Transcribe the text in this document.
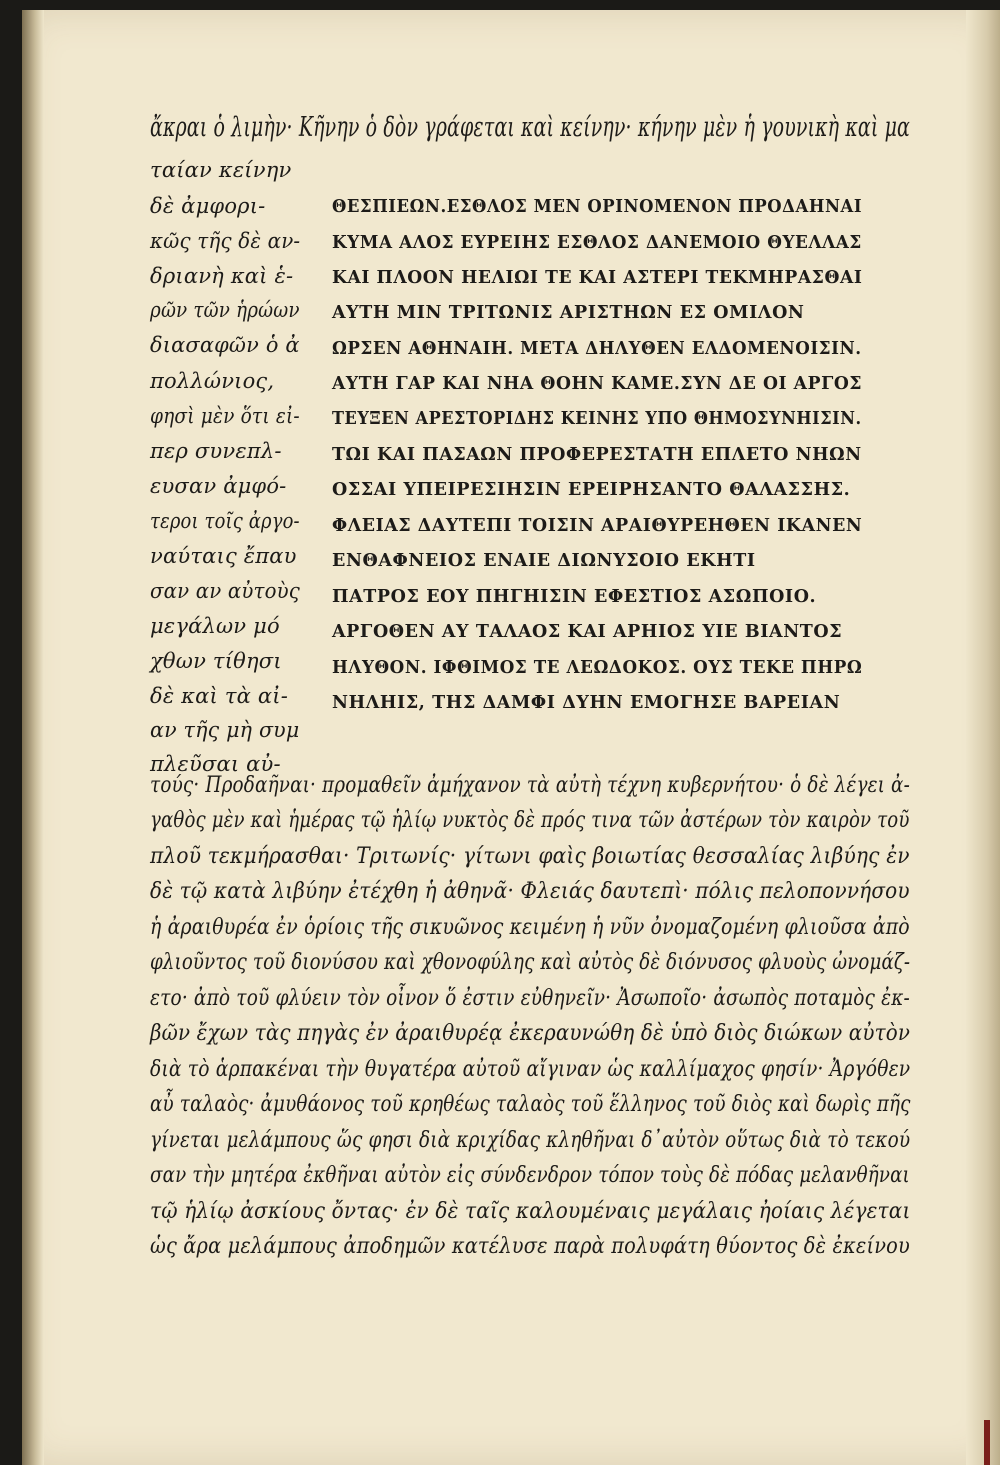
ἄκραι ὁ λιμὴν· Κῆνην ὁ δὸν γράφεται καὶ κείνην· κήνην μὲν ἡ γουνικὴ καὶ μα
ταίαν κείνην
δὲ ἀμφορι-
κῶς τῆς δὲ αν-
δριανὴ καὶ ἑ-
ρῶν τῶν ἡρώων
διασαφῶν ὁ ἀ
πολλώνιος,
φησὶ μὲν ὅτι εἰ-
περ συνεπλ-
ευσαν ἀμφό-
τεροι τοῖς ἀργο-
ναύταις ἔπαυ
σαν αν αὐτοὺς
μεγάλων μό
χθων τίθησι
δὲ καὶ τὰ αἰ-
αν τῆς μὴ συμ
πλεῦσαι αὐ-
ΘΕΣΠΙΕΩΝ.ΕΣΘΛΟΣ ΜΕΝ ΟΡΙΝΟΜΕΝΟΝ ΠΡΟΔΑΗΝΑΙ
ΚΥΜΑ ΑΛΟΣ ΕΥΡΕΙΗΣ ΕΣΘΛΟΣ ΔΑΝΕΜΟΙΟ ΘΥΕΛΛΑΣ
ΚΑΙ ΠΛΟΟΝ ΗΕΛΙΩΙ ΤΕ ΚΑΙ ΑΣΤΕΡΙ ΤΕΚΜΗΡΑΣΘΑΙ
ΑΥΤΗ ΜΙΝ ΤΡΙΤΩΝΙΣ ΑΡΙΣΤΗΩΝ ΕΣ ΟΜΙΛΟΝ
ΩΡΣΕΝ ΑΘΗΝΑΙΗ. ΜΕΤΑ ΔΗΛΥΘΕΝ ΕΛΔΟΜΕΝΟΙΣΙΝ.
ΑΥΤΗ ΓΑΡ ΚΑΙ ΝΗΑ ΘΟΗΝ ΚΑΜΕ.ΣΥΝ ΔΕ ΟΙ ΑΡΓΟΣ
ΤΕΥΞΕΝ ΑΡΕΣΤΟΡΙΔΗΣ ΚΕΙΝΗΣ ΥΠΟ ΘΗΜΟΣΥΝΗΙΣΙΝ.
ΤΩΙ ΚΑΙ ΠΑΣΑΩΝ ΠΡΟΦΕΡΕΣΤΑΤΗ ΕΠΛΕΤΟ ΝΗΩΝ
ΟΣΣΑΙ ΥΠΕΙΡΕΣΙΗΣΙΝ ΕΡΕΙΡΗΣΑΝΤΟ ΘΑΛΑΣΣΗΣ.
ΦΛΕΙΑΣ ΔΑΥΤΕΠΙ ΤΟΙΣΙΝ ΑΡΑΙΘΥΡΕΗΘΕΝ ΙΚΑΝΕΝ
ΕΝΘΑΦΝΕΙΟΣ ΕΝΑΙΕ ΔΙΩΝΥΣΟΙΟ ΕΚΗΤΙ
ΠΑΤΡΟΣ ΕΟΥ ΠΗΓΗΙΣΙΝ ΕΦΕΣΤΙΟΣ ΑΣΩΠΟΙΟ.
ΑΡΓΟΘΕΝ ΑΥ ΤΑΛΑΟΣ ΚΑΙ ΑΡΗΙΟΣ ΥΙΕ ΒΙΑΝΤΟΣ
ΗΛΥΘΟΝ. ΙΦΘΙΜΟΣ ΤΕ ΛΕΩΔΟΚΟΣ. ΟΥΣ ΤΕΚΕ ΠΗΡΩ
ΝΗΛΗΙΣ, ΤΗΣ ΔΑΜΦΙ ΔΥΗΝ ΕΜΟΓΗΣΕ ΒΑΡΕΙΑΝ
τούς· Προδαῆναι· προμαθεῖν ἀμήχανον τὰ αὐτὴ τέχνη κυβερνήτου· ὁ δὲ λέγει ἀ-
γαθὸς μὲν καὶ ἡμέρας τῷ ἡλίῳ νυκτὸς δὲ πρός τινα τῶν ἀστέρων τὸν καιρὸν τοῦ
πλοῦ τεκμήρασθαι· Τριτωνίς· γίτωνι φαὶς βοιωτίας θεσσαλίας λιβύης ἐν
δὲ τῷ κατὰ λιβύην ἐτέχθη ἡ ἀθηνᾶ· Φλειάς δαυτεπὶ· πόλις πελοποννήσου
ἡ ἀραιθυρέα ἐν ὁρίοις τῆς σικυῶνος κειμένη ἡ νῦν ὀνομαζομένη φλιοῦσα ἀπὸ
φλιοῦντος τοῦ διονύσου καὶ χθονοφύλης καὶ αὐτὸς δὲ διόνυσος φλυοὺς ὠνομάζ-
ετο· ἀπὸ τοῦ φλύειν τὸν οἶνον ὅ ἐστιν εὐθηνεῖν· Ἀσωποῖο· ἀσωπὸς ποταμὸς ἐκ-
βῶν ἔχων τὰς πηγὰς ἐν ἀραιθυρέᾳ ἐκεραυνώθη δὲ ὑπὸ διὸς διώκων αὐτὸν
διὰ τὸ ἁρπακέναι τὴν θυγατέρα αὐτοῦ αἴγιναν ὡς καλλίμαχος φησίν· Ἀργόθεν
αὖ ταλαὸς· ἀμυθάονος τοῦ κρηθέως ταλαὸς τοῦ ἕλληνος τοῦ διὸς καὶ δωρὶς πῆς
γίνεται μελάμπους ὥς φησι διὰ κριχίδας κληθῆναι δ᾽αὐτὸν οὕτως διὰ τὸ τεκού
σαν τὴν μητέρα ἐκθῆναι αὐτὸν εἰς σύνδενδρον τόπον τοὺς δὲ πόδας μελανθῆναι
τῷ ἡλίῳ ἀσκίους ὄντας· ἐν δὲ ταῖς καλουμέναις μεγάλαις ἠοίαις λέγεται
ὡς ἄρα μελάμπους ἀποδημῶν κατέλυσε παρὰ πολυφάτη θύοντος δὲ ἐκείνου
